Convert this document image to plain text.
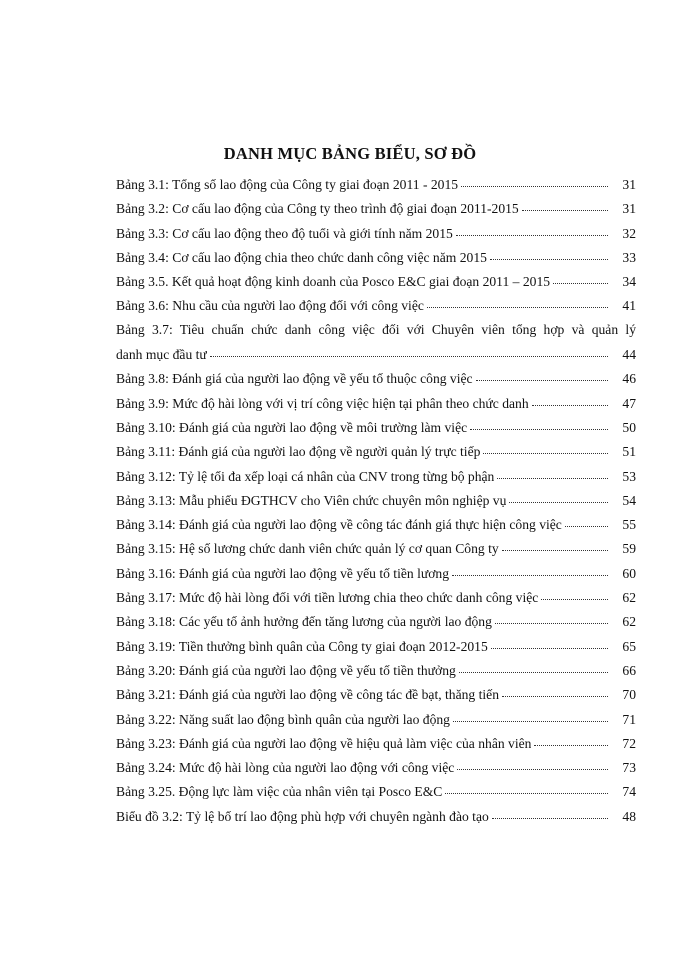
DANH MỤC BẢNG BIỂU, SƠ ĐỒ
Bảng 3.1: Tổng số lao động của Công ty giai đoạn 2011 - 2015	31
Bảng 3.2: Cơ cấu lao động của Công ty theo trình độ giai đoạn 2011-2015	31
Bảng 3.3: Cơ cấu lao động theo độ tuổi và giới tính năm 2015	32
Bảng 3.4: Cơ cấu lao động chia theo chức danh công việc năm 2015	33
Bảng 3.5. Kết quả hoạt động kinh doanh của Posco E&C giai đoạn 2011 – 2015	34
Bảng 3.6: Nhu cầu của người lao động đối với công việc	41
Bảng 3.7: Tiêu chuẩn chức danh công việc đối với Chuyên viên tổng hợp và quản lý
danh mục đầu tư	44
Bảng 3.8: Đánh giá của người lao động về yếu tố thuộc công việc	46
Bảng 3.9: Mức độ hài lòng với vị trí công việc hiện tại phân theo chức danh	47
Bảng 3.10: Đánh giá của người lao động về môi trường làm việc	50
Bảng 3.11: Đánh giá của người lao động về người quản lý trực tiếp	51
Bảng 3.12: Tỷ lệ tối đa xếp loại cá nhân của CNV trong từng bộ phận	53
Bảng 3.13: Mẫu phiếu ĐGTHCV cho Viên chức chuyên môn nghiệp vụ	54
Bảng 3.14: Đánh giá của người lao động về công tác đánh giá thực hiện công việc	55
Bảng 3.15: Hệ số lương chức danh viên chức quản lý cơ quan Công ty	59
Bảng 3.16: Đánh giá của người lao động về yếu tố tiền lương	60
Bảng 3.17: Mức độ hài lòng đối với tiền lương chia theo chức danh công việc	62
Bảng 3.18: Các yếu tố ảnh hưởng đến tăng lương của người lao động	62
Bảng 3.19: Tiền thưởng bình quân của Công ty giai đoạn 2012-2015	65
Bảng 3.20: Đánh giá của người lao động về yếu tố tiền thưởng	66
Bảng 3.21: Đánh giá của người lao động về công tác đề bạt, thăng tiến	70
Bảng 3.22: Năng suất lao động bình quân của người lao động	71
Bảng 3.23: Đánh giá của người lao động về hiệu quả làm việc của nhân viên	72
Bảng 3.24: Mức độ hài lòng của người lao động với công việc	73
Bảng 3.25. Động lực làm việc của nhân viên tại Posco E&C	74
Biểu đồ 3.2: Tỷ lệ bố trí lao động phù hợp với chuyên ngành đào tạo	48
